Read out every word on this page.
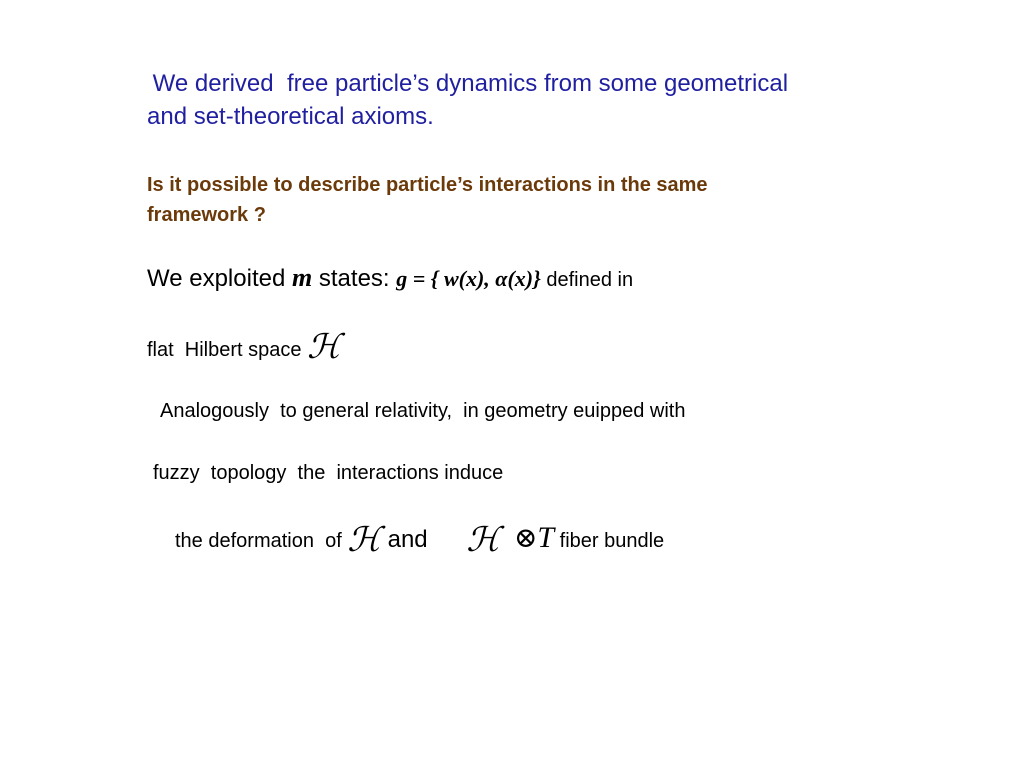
We derived  free particle’s dynamics from some geometrical
and set-theoretical axioms.
Is it possible to describe particle’s interactions in the same
framework ?
We exploited m states: g = { w(x), α(x)} defined in
flat  Hilbert space ℋ
Analogously  to general relativity,  in geometry euipped with
fuzzy  topology  the  interactions induce
the deformation  of ℋ and ℋ ⊗T fiber bundle
